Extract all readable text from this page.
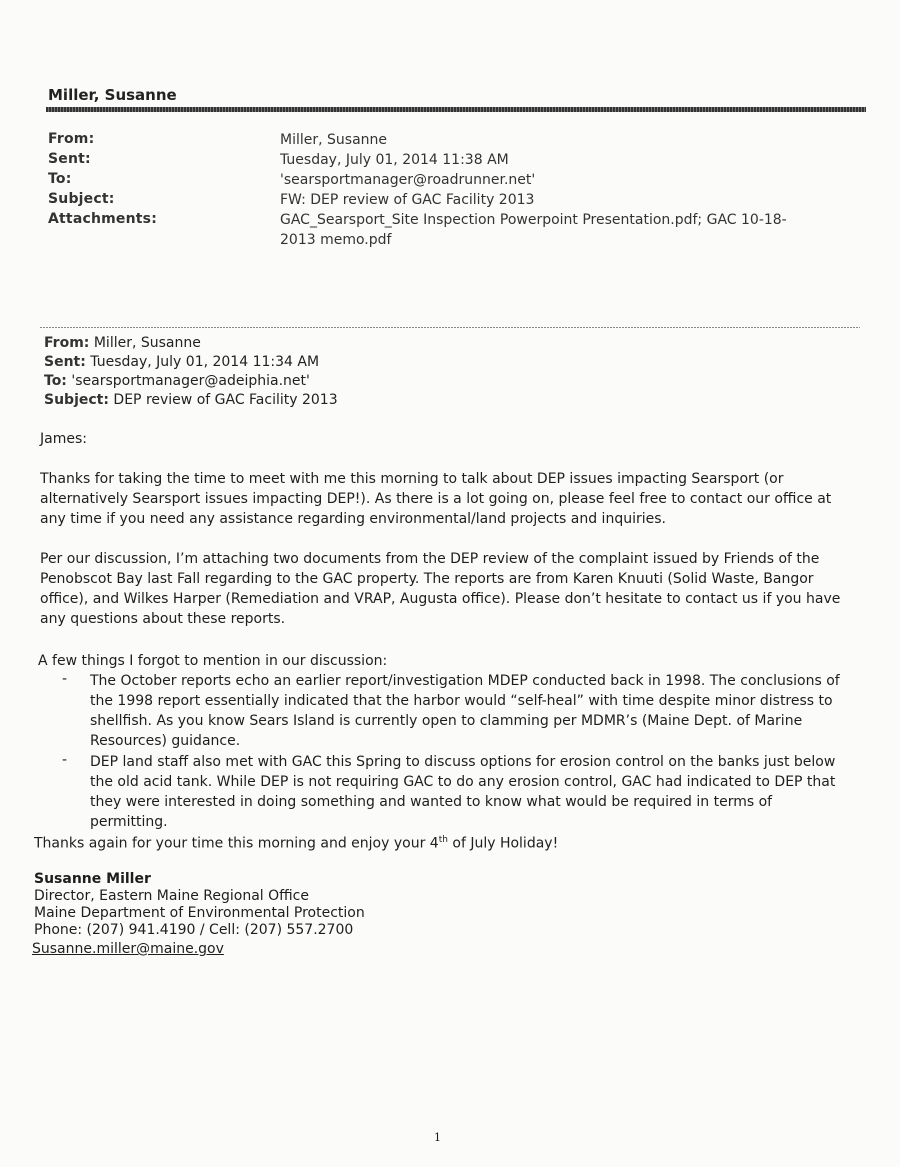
Miller, Susanne
From:	Miller, Susanne
Sent:	Tuesday, July 01, 2014 11:38 AM
To:	'searsportmanager@roadrunner.net'
Subject:	FW: DEP review of GAC Facility 2013
Attachments:	GAC_Searsport_Site Inspection Powerpoint Presentation.pdf; GAC 10-18-2013 memo.pdf
From: Miller, Susanne
Sent: Tuesday, July 01, 2014 11:34 AM
To: 'searsportmanager@adeiphia.net'
Subject: DEP review of GAC Facility 2013
James:
Thanks for taking the time to meet with me this morning to talk about DEP issues impacting Searsport (or alternatively Searsport issues impacting DEP!). As there is a lot going on, please feel free to contact our office at any time if you need any assistance regarding environmental/land projects and inquiries.
Per our discussion, I’m attaching two documents from the DEP review of the complaint issued by Friends of the Penobscot Bay last Fall regarding to the GAC property. The reports are from Karen Knuuti (Solid Waste, Bangor office), and Wilkes Harper (Remediation and VRAP, Augusta office). Please don’t hesitate to contact us if you have any questions about these reports.
A few things I forgot to mention in our discussion:
- The October reports echo an earlier report/investigation MDEP conducted back in 1998. The conclusions of the 1998 report essentially indicated that the harbor would “self-heal” with time despite minor distress to shellfish. As you know Sears Island is currently open to clamming per MDMR’s (Maine Dept. of Marine Resources) guidance.
- DEP land staff also met with GAC this Spring to discuss options for erosion control on the banks just below the old acid tank. While DEP is not requiring GAC to do any erosion control, GAC had indicated to DEP that they were interested in doing something and wanted to know what would be required in terms of permitting.
Thanks again for your time this morning and enjoy your 4th of July Holiday!
Susanne Miller
Director, Eastern Maine Regional Office
Maine Department of Environmental Protection
Phone: (207) 941.4190 / Cell: (207) 557.2700
Susanne.miller@maine.gov
1
